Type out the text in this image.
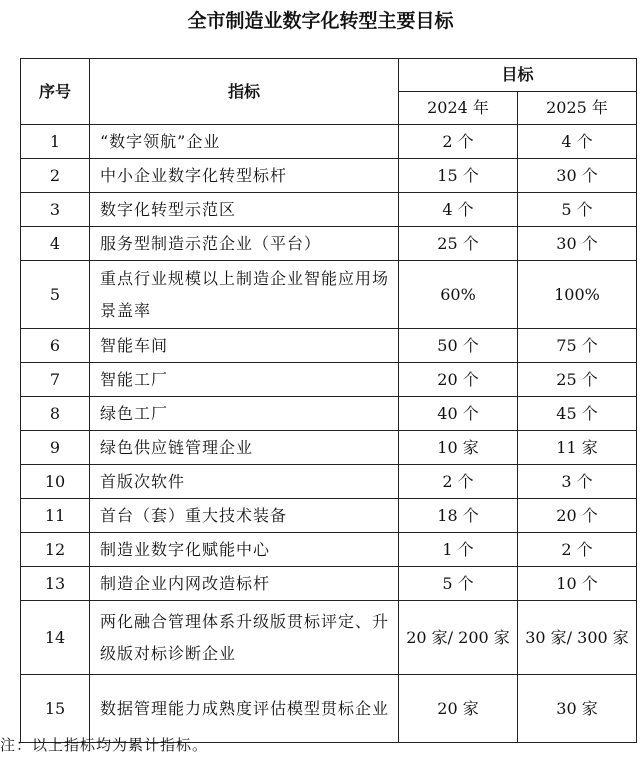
全市制造业数字化转型主要目标
序号	指标	目标	
		2024 年	2025 年
1	“数字领航”企业	2 个	4 个
2	中小企业数字化转型标杆	15 个	30 个
3	数字化转型示范区	4 个	5 个
4	服务型制造示范企业（平台）	25 个	30 个
5	重点行业规模以上制造企业智能应用场景盖率	60%	100%
6	智能车间	50 个	75 个
7	智能工厂	20 个	25 个
8	绿色工厂	40 个	45 个
9	绿色供应链管理企业	10 家	11 家
10	首版次软件	2 个	3 个
11	首台（套）重大技术装备	18 个	20 个
12	制造业数字化赋能中心	1 个	2 个
13	制造企业内网改造标杆	5 个	10 个
14	两化融合管理体系升级版贯标评定、升级版对标诊断企业	20 家/ 200 家	30 家/ 300 家
15	数据管理能力成熟度评估模型贯标企业	20 家	30 家
注：以上指标均为累计指标。
